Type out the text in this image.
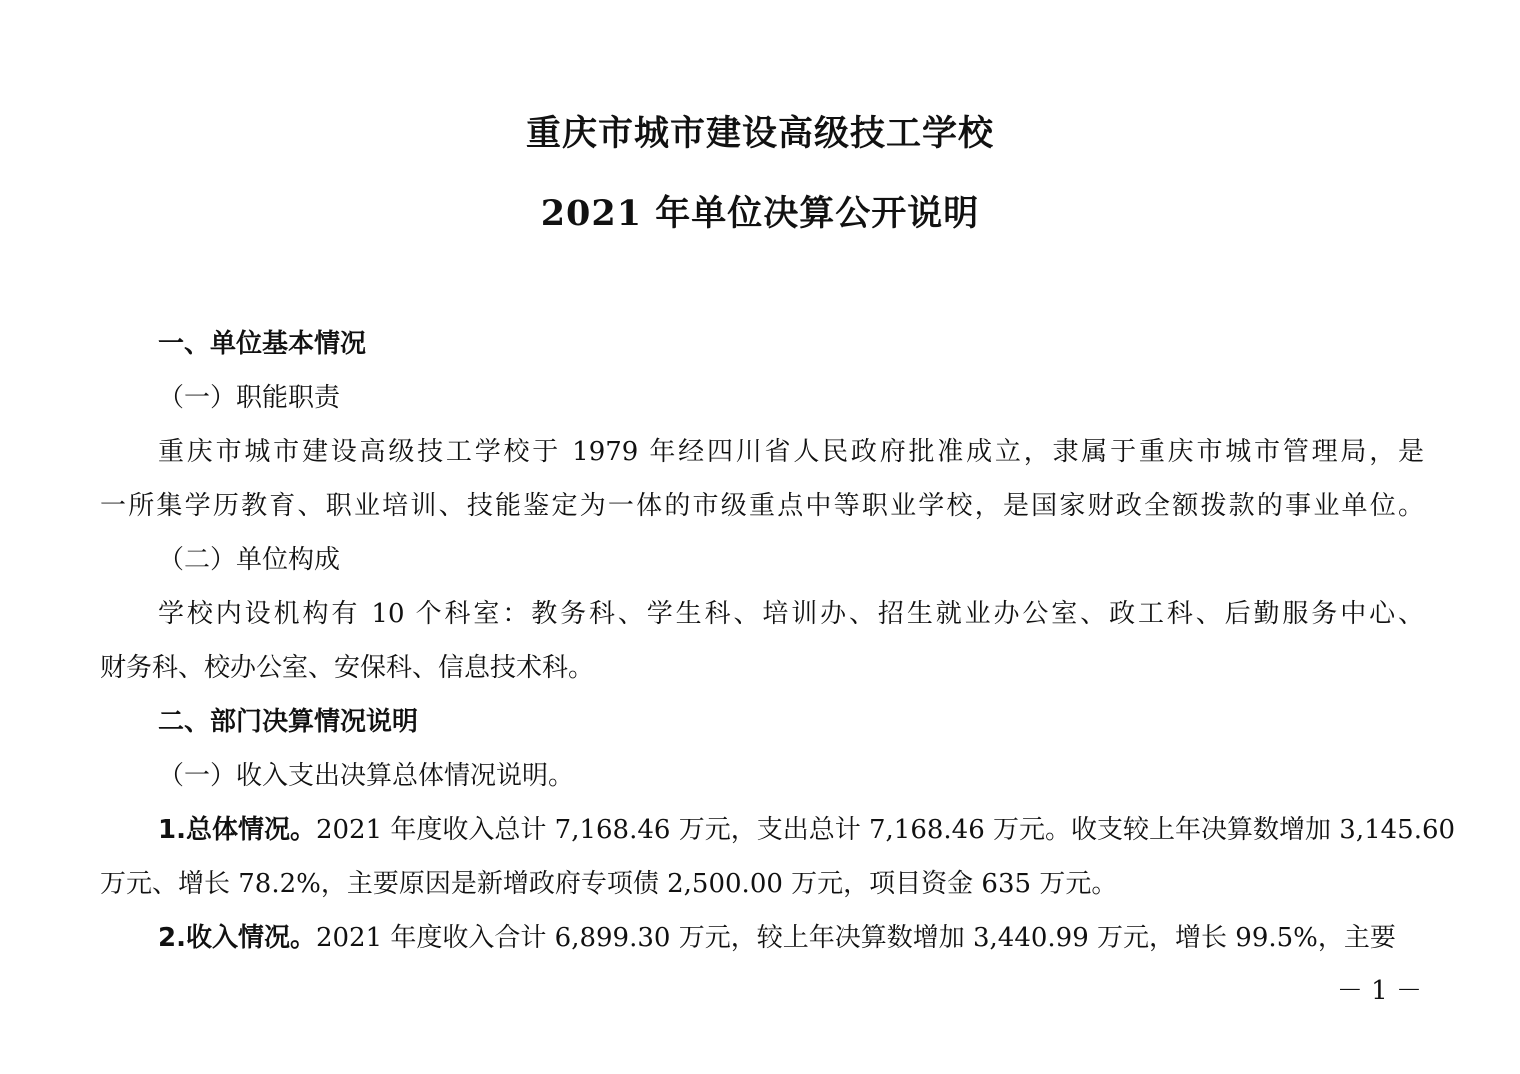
重庆市城市建设高级技工学校
2021 年单位决算公开说明
一、单位基本情况
（一）职能职责
重庆市城市建设高级技工学校于 1979 年经四川省人民政府批准成立，隶属于重庆市城市管理局，是
一所集学历教育、职业培训、技能鉴定为一体的市级重点中等职业学校，是国家财政全额拨款的事业单位。
（二）单位构成
学校内设机构有 10 个科室：教务科、学生科、培训办、招生就业办公室、政工科、后勤服务中心、
财务科、校办公室、安保科、信息技术科。
二、部门决算情况说明
（一）收入支出决算总体情况说明。
1.总体情况。2021 年度收入总计 7,168.46 万元，支出总计 7,168.46 万元。收支较上年决算数增加 3,145.60
万元、增长 78.2%，主要原因是新增政府专项债 2,500.00 万元，项目资金 635 万元。
2.收入情况。2021 年度收入合计 6,899.30 万元，较上年决算数增加 3,440.99 万元，增长 99.5%，主要
－ 1 －
